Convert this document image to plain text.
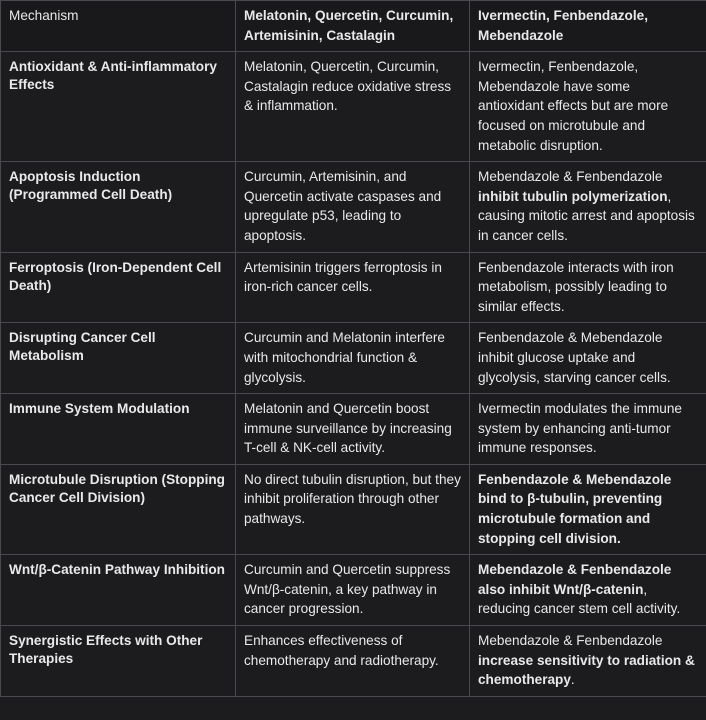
Mechanism	Melatonin, Quercetin, Curcumin, Artemisinin, Castalagin	Ivermectin, Fenbendazole, Mebendazole
Antioxidant & Anti-inflammatory Effects	Melatonin, Quercetin, Curcumin, Castalagin reduce oxidative stress & inflammation.	Ivermectin, Fenbendazole, Mebendazole have some antioxidant effects but are more focused on microtubule and metabolic disruption.
Apoptosis Induction (Programmed Cell Death)	Curcumin, Artemisinin, and Quercetin activate caspases and upregulate p53, leading to apoptosis.	Mebendazole & Fenbendazole inhibit tubulin polymerization, causing mitotic arrest and apoptosis in cancer cells.
Ferroptosis (Iron-Dependent Cell Death)	Artemisinin triggers ferroptosis in iron-rich cancer cells.	Fenbendazole interacts with iron metabolism, possibly leading to similar effects.
Disrupting Cancer Cell Metabolism	Curcumin and Melatonin interfere with mitochondrial function & glycolysis.	Fenbendazole & Mebendazole inhibit glucose uptake and glycolysis, starving cancer cells.
Immune System Modulation	Melatonin and Quercetin boost immune surveillance by increasing T-cell & NK-cell activity.	Ivermectin modulates the immune system by enhancing anti-tumor immune responses.
Microtubule Disruption (Stopping Cancer Cell Division)	No direct tubulin disruption, but they inhibit proliferation through other pathways.	Fenbendazole & Mebendazole bind to β-tubulin, preventing microtubule formation and stopping cell division.
Wnt/β-Catenin Pathway Inhibition	Curcumin and Quercetin suppress Wnt/β-catenin, a key pathway in cancer progression.	Mebendazole & Fenbendazole also inhibit Wnt/β-catenin, reducing cancer stem cell activity.
Synergistic Effects with Other Therapies	Enhances effectiveness of chemotherapy and radiotherapy.	Mebendazole & Fenbendazole increase sensitivity to radiation & chemotherapy.
